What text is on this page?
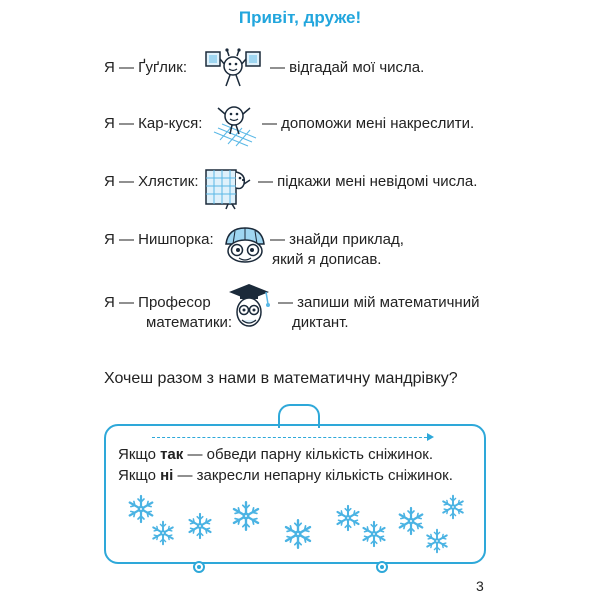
Привіт, друже!
Я — Ґуґлик:	— відгадай мої числа.
Я — Кар-куся:	— допоможи мені накреслити.
Я — Хлястик:	— підкажи мені невідомі числа.
Я — Нишпорка:	— знайди приклад,
який я дописав.
Я — Професор
математики:
— запиши мій математичний
диктант.
Хочеш разом з нами в математичну мандрівку?
Якщо так — обведи парну кількість сніжинок.
Якщо ні — закресли непарну кількість сніжинок.
3
